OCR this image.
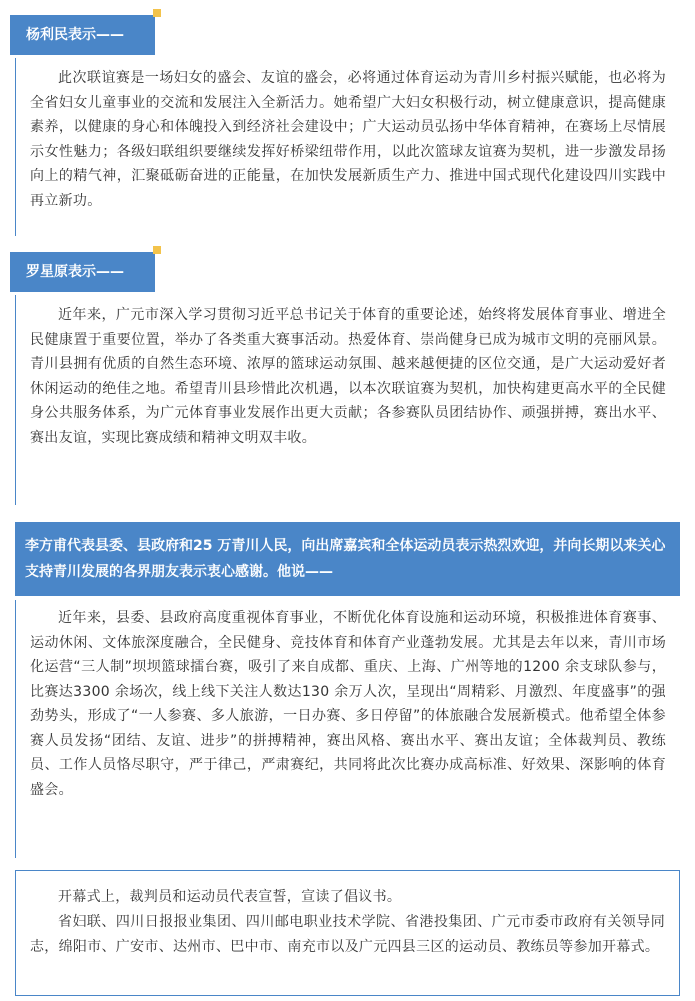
杨利民表示——

此次联谊赛是一场妇女的盛会、友谊的盛会，必将通过体育运动为青川乡村振兴赋能，也必将为全省妇女儿童事业的交流和发展注入全新活力。她希望广大妇女积极行动，树立健康意识，提高健康素养，以健康的身心和体魄投入到经济社会建设中；广大运动员弘扬中华体育精神，在赛场上尽情展示女性魅力；各级妇联组织要继续发挥好桥梁纽带作用，以此次篮球友谊赛为契机，进一步激发昂扬向上的精气神，汇聚砥砺奋进的正能量，在加快发展新质生产力、推进中国式现代化建设四川实践中再立新功。

罗星原表示——

近年来，广元市深入学习贯彻习近平总书记关于体育的重要论述，始终将发展体育事业、增进全民健康置于重要位置，举办了各类重大赛事活动。热爱体育、崇尚健身已成为城市文明的亮丽风景。青川县拥有优质的自然生态环境、浓厚的篮球运动氛围、越来越便捷的区位交通，是广大运动爱好者休闲运动的绝佳之地。希望青川县珍惜此次机遇，以本次联谊赛为契机，加快构建更高水平的全民健身公共服务体系，为广元体育事业发展作出更大贡献；各参赛队员团结协作、顽强拼搏，赛出水平、赛出友谊，实现比赛成绩和精神文明双丰收。

李方甫代表县委、县政府和25 万青川人民，向出席嘉宾和全体运动员表示热烈欢迎，并向长期以来关心支持青川发展的各界朋友表示衷心感谢。他说——

近年来，县委、县政府高度重视体育事业，不断优化体育设施和运动环境，积极推进体育赛事、运动休闲、文体旅深度融合，全民健身、竞技体育和体育产业蓬勃发展。尤其是去年以来，青川市场化运营“三人制”坝坝篮球擂台赛，吸引了来自成都、重庆、上海、广州等地的1200 余支球队参与，比赛达3300 余场次，线上线下关注人数达130 余万人次，呈现出“周精彩、月激烈、年度盛事”的强劲势头，形成了“一人参赛、多人旅游，一日办赛、多日停留”的体旅融合发展新模式。他希望全体参赛人员发扬“团结、友谊、进步”的拼搏精神，赛出风格、赛出水平、赛出友谊；全体裁判员、教练员、工作人员恪尽职守，严于律己，严肃赛纪，共同将此次比赛办成高标准、好效果、深影响的体育盛会。

开幕式上，裁判员和运动员代表宣誓，宣读了倡议书。

省妇联、四川日报报业集团、四川邮电职业技术学院、省港投集团、广元市委市政府有关领导同志，绵阳市、广安市、达州市、巴中市、南充市以及广元四县三区的运动员、教练员等参加开幕式。
